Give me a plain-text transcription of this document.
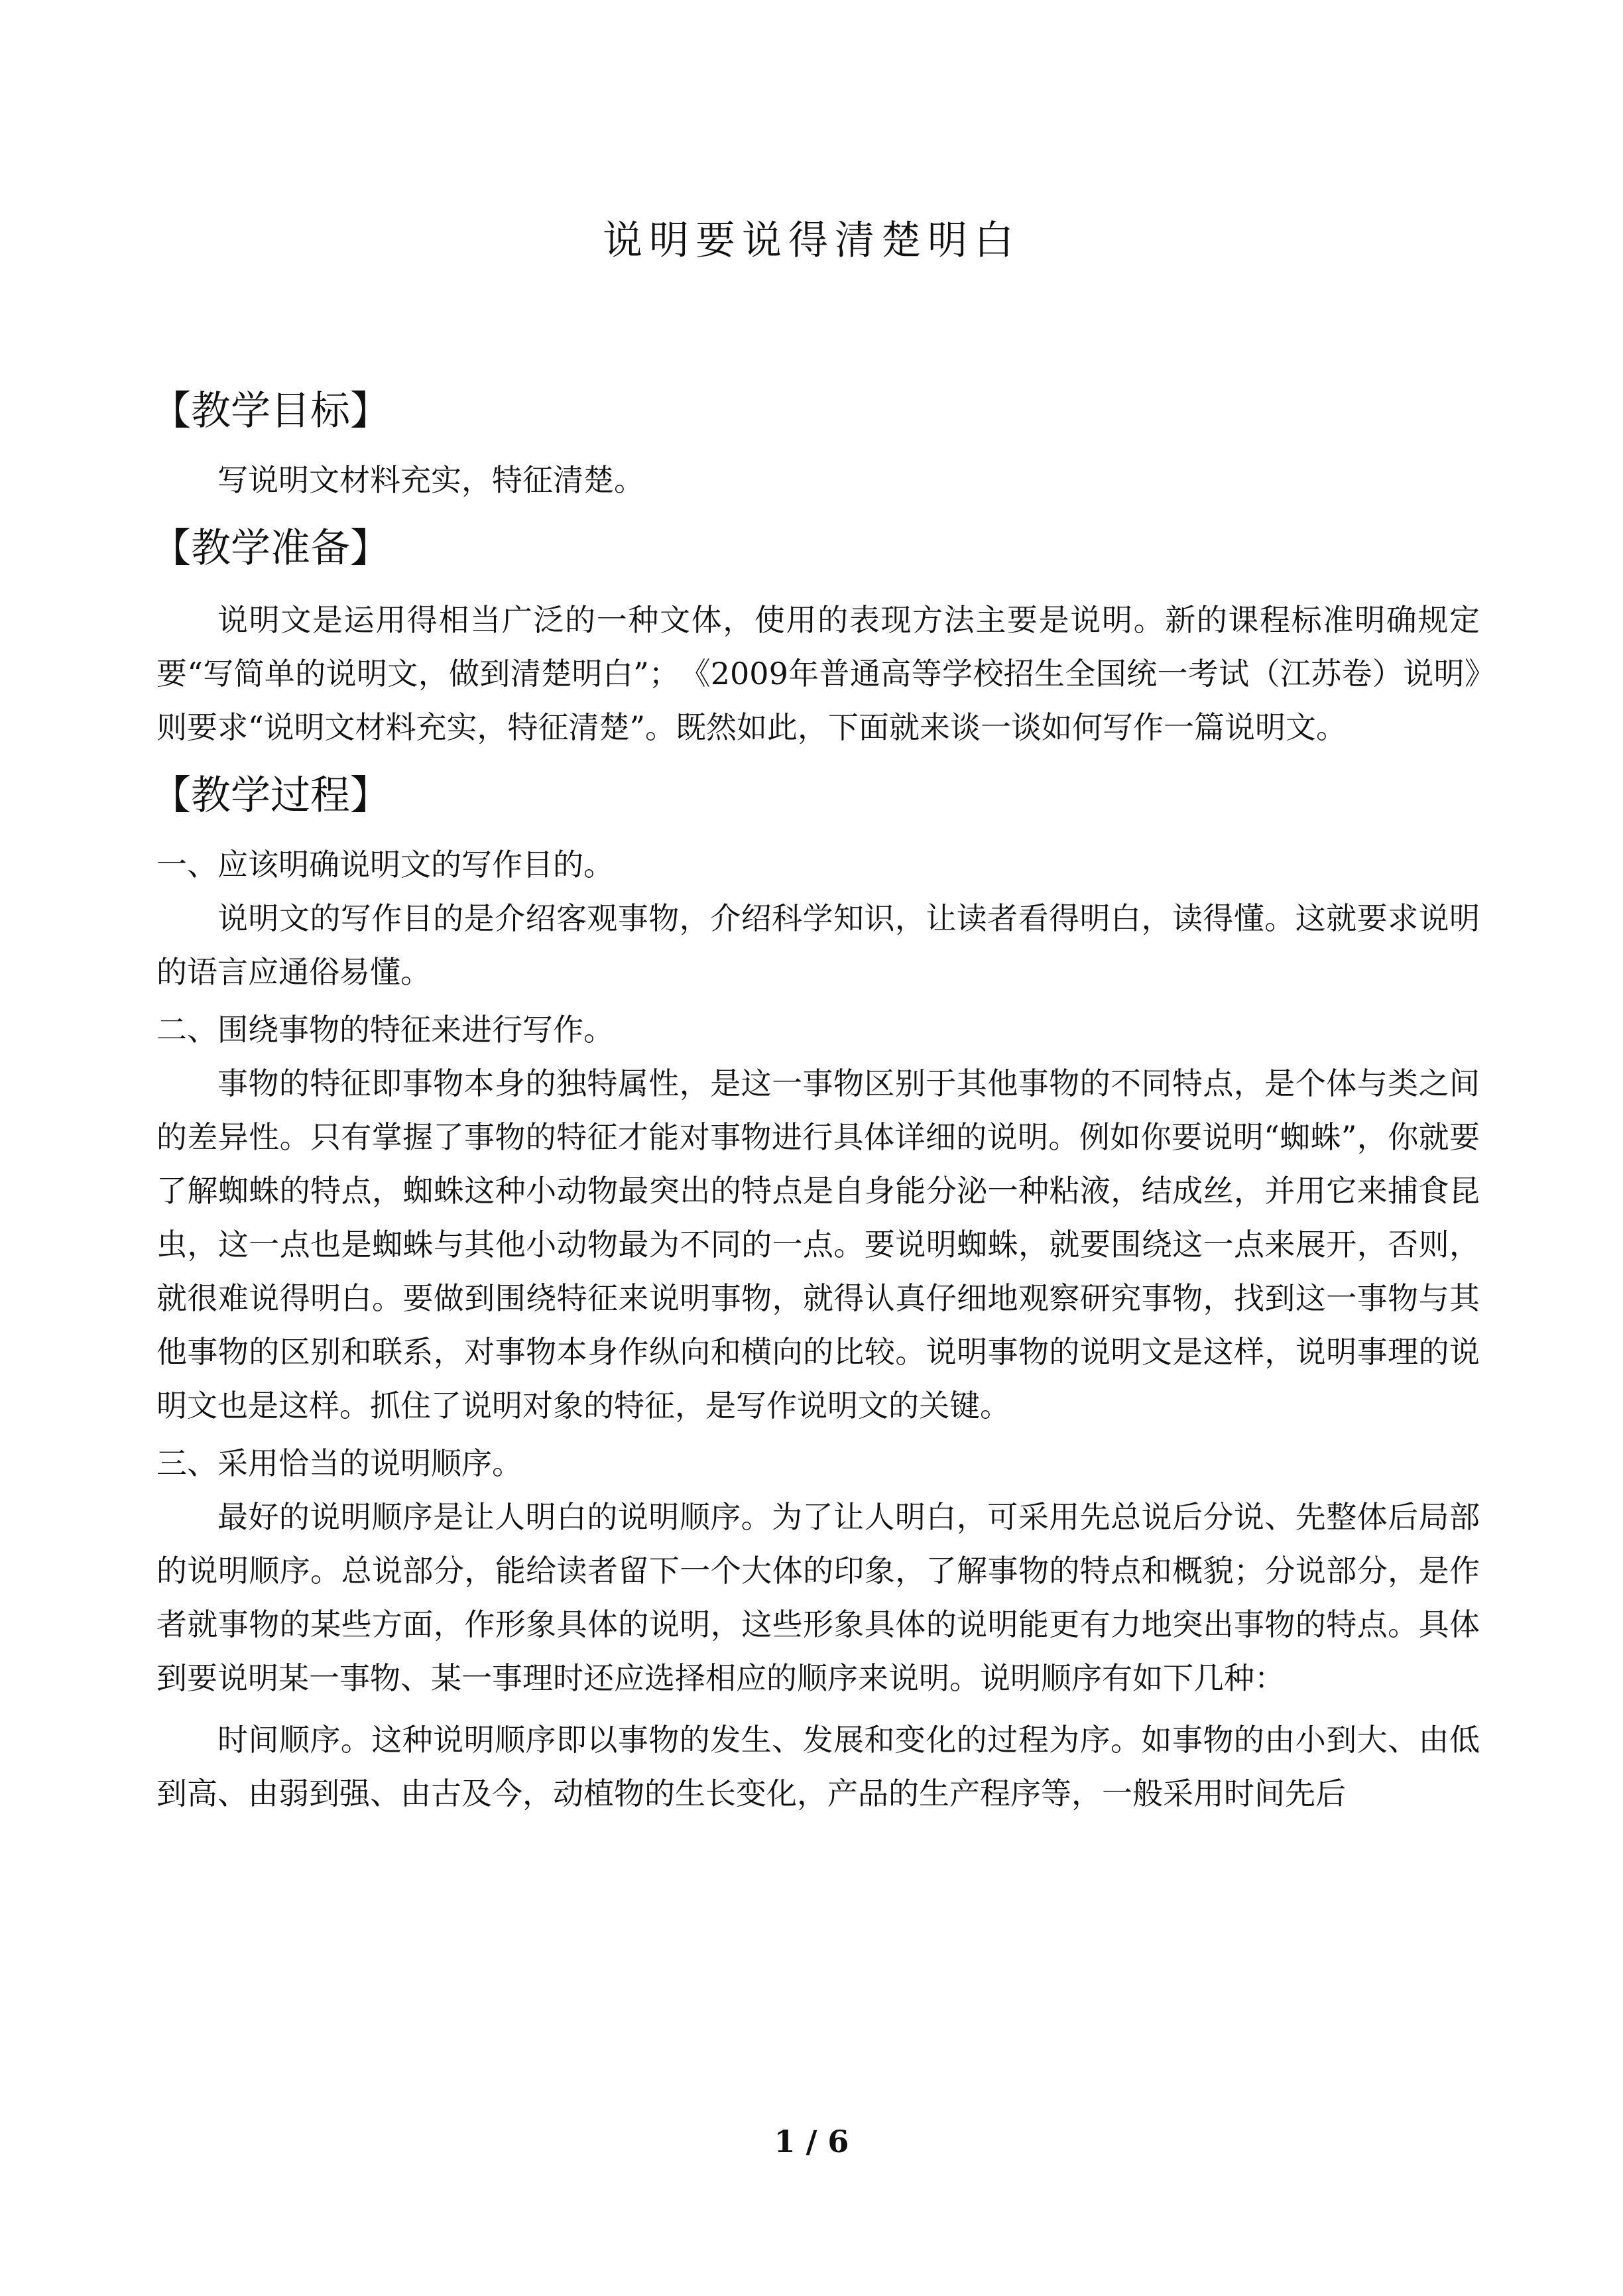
说明要说得清楚明白
【教学目标】

写说明文材料充实，特征清楚。

【教学准备】

说明文是运用得相当广泛的一种文体，使用的表现方法主要是说明。新的课程标准明确规定要“写简单的说明文，做到清楚明白”；　《2009年普通高等学校招生全国统一考试（江苏卷）说明》则要求“说明文材料充实，特征清楚”。既然如此，下面就来谈一谈如何写作一篇说明文。

【教学过程】

一、应该明确说明文的写作目的。

说明文的写作目的是介绍客观事物，介绍科学知识，让读者看得明白，读得懂。这就要求说明的语言应通俗易懂。

二、围绕事物的特征来进行写作。

事物的特征即事物本身的独特属性，是这一事物区别于其他事物的不同特点，是个体与类之间的差异性。只有掌握了事物的特征才能对事物进行具体详细的说明。例如你要说明“蜘蛛”，你就要了解蜘蛛的特点，蜘蛛这种小动物最突出的特点是自身能分泌一种粘液，结成丝，并用它来捕食昆虫，这一点也是蜘蛛与其他小动物最为不同的一点。要说明蜘蛛，就要围绕这一点来展开，否则，就很难说得明白。要做到围绕特征来说明事物，就得认真仔细地观察研究事物，找到这一事物与其他事物的区别和联系，对事物本身作纵向和横向的比较。说明事物的说明文是这样，说明事理的说明文也是这样。抓住了说明对象的特征，是写作说明文的关键。

三、采用恰当的说明顺序。

最好的说明顺序是让人明白的说明顺序。为了让人明白，可采用先总说后分说、先整体后局部的说明顺序。总说部分，能给读者留下一个大体的印象，了解事物的特点和概貌；分说部分，是作者就事物的某些方面，作形象具体的说明，这些形象具体的说明能更有力地突出事物的特点。具体到要说明某一事物、某一事理时还应选择相应的顺序来说明。说明顺序有如下几种：

时间顺序。这种说明顺序即以事物的发生、发展和变化的过程为序。如事物的由小到大、由低到高、由弱到强、由古及今，动植物的生长变化，产品的生产程序等，一般采用时间先后

1 / 6
